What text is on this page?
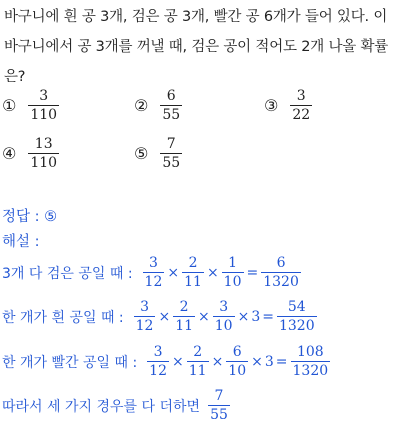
바구니에 흰 공 3개, 검은 공 3개, 빨간 공 6개가 들어 있다. 이 바구니에서 공 3개를 꺼낼 때, 검은 공이 적어도 2개 나올 확률은?
① $\frac{3}{110}$	② $\frac{6}{55}$	③ $\frac{3}{22}$
④ $\frac{13}{110}$	⑤ $\frac{7}{55}$
정답 : ⑤
해설 :
3개 다 검은 공일 때 : $\frac{3}{12} \times \frac{2}{11} \times \frac{1}{10} = \frac{6}{1320}$
한 개가 흰 공일 때 : $\frac{3}{12} \times \frac{2}{11} \times \frac{3}{10} \times 3 = \frac{54}{1320}$
한 개가 빨간 공일 때 : $\frac{3}{12} \times \frac{2}{11} \times \frac{6}{10} \times 3 = \frac{108}{1320}$
따라서 세 가지 경우를 다 더하면 $\frac{7}{55}$
